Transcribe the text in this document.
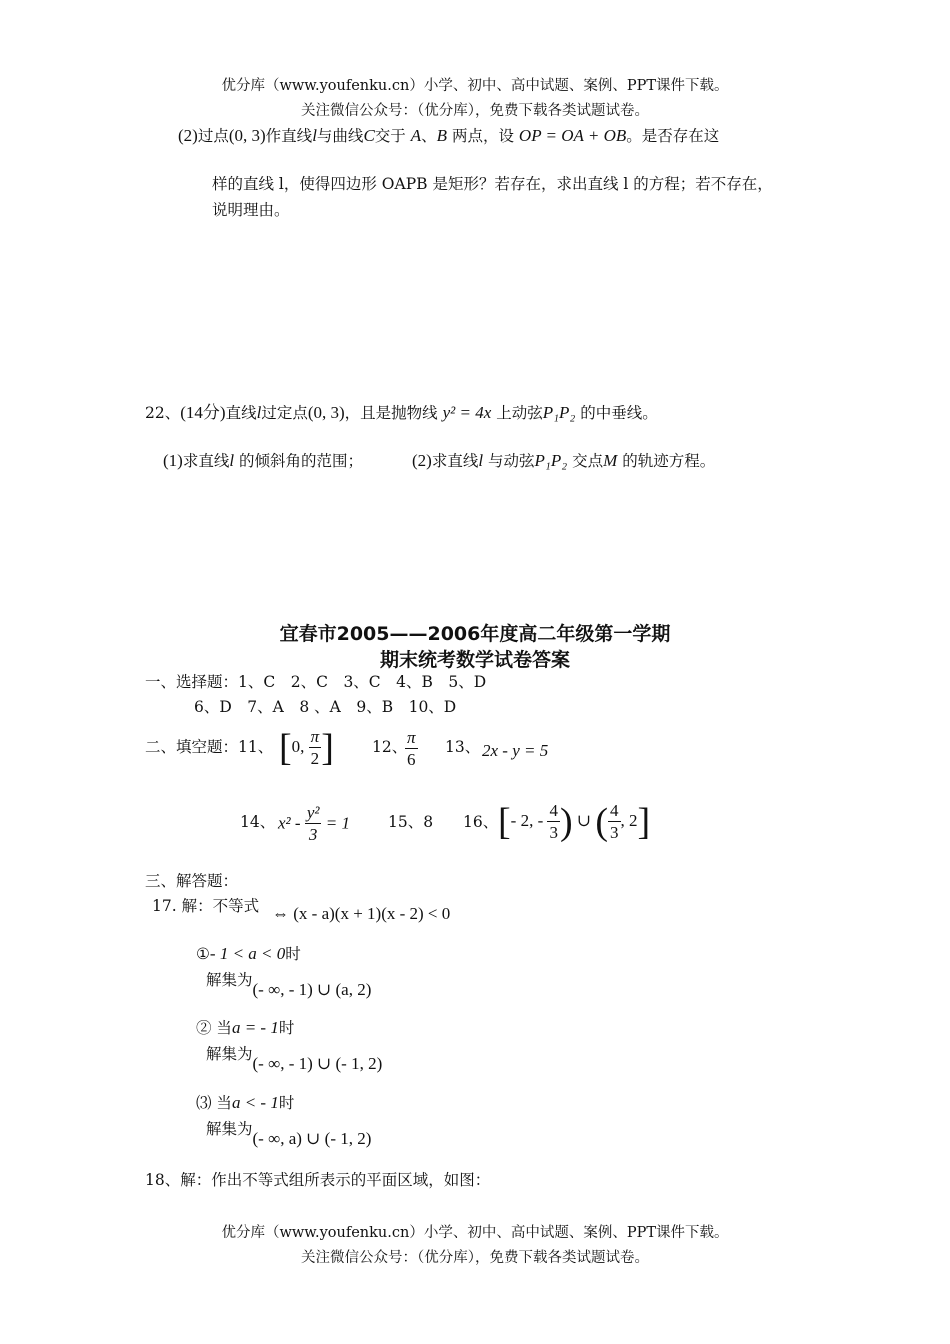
优分库（www.youfenku.cn）小学、初中、高中试题、案例、PPT课件下载。
关注微信公众号：（优分库），免费下载各类试题试卷。
(2)过点(0, 3)作直线l与曲线C交于 A、B 两点，设 OP = OA + OB。是否存在这
样的直线 l，使得四边形 OAPB 是矩形？若存在，求出直线 l 的方程；若不存在，
说明理由。
22、(14分)直线l过定点(0, 3)，且是抛物线 y² = 4x 上动弦P₁P₂ 的中垂线。
(1)求直线l 的倾斜角的范围；	(2)求直线l 与动弦P₁P₂ 交点M 的轨迹方程。
宜春市2005——2006年度高二年级第一学期
期末统考数学试卷答案
一、选择题：1、C　2、C　3、C　4、B　5、D
6、D　7、A　8 、A　9、B　10、D
二、填空题：11、 [0, $\frac{\pi}{2}$ ] 12、
$\frac{\pi}{6} 13$、 2x - y = 5
14、 $x^2 - \frac{\text{y²}}{3} = 1$ 15、8 16、 [- 2, - $\frac{4}{3}$ ) ∪ ( $\frac{4}{3}$ , 2]
三、解答题：
17. 解：不等式 ⇔ (x - a)(x + 1)(x - 2) < 0
①- 1 < a < 0时
解集为(- ∞, - 1) ∪ (a, 2)
② 当a = - 1时
解集为(- ∞, - 1) ∪ (- 1, 2)
⑶ 当a < - 1时
解集为(- ∞, a) ∪ (- 1, 2)
18、解：作出不等式组所表示的平面区域，如图：
优分库（www.youfenku.cn）小学、初中、高中试题、案例、PPT课件下载。
关注微信公众号：（优分库），免费下载各类试题试卷。
